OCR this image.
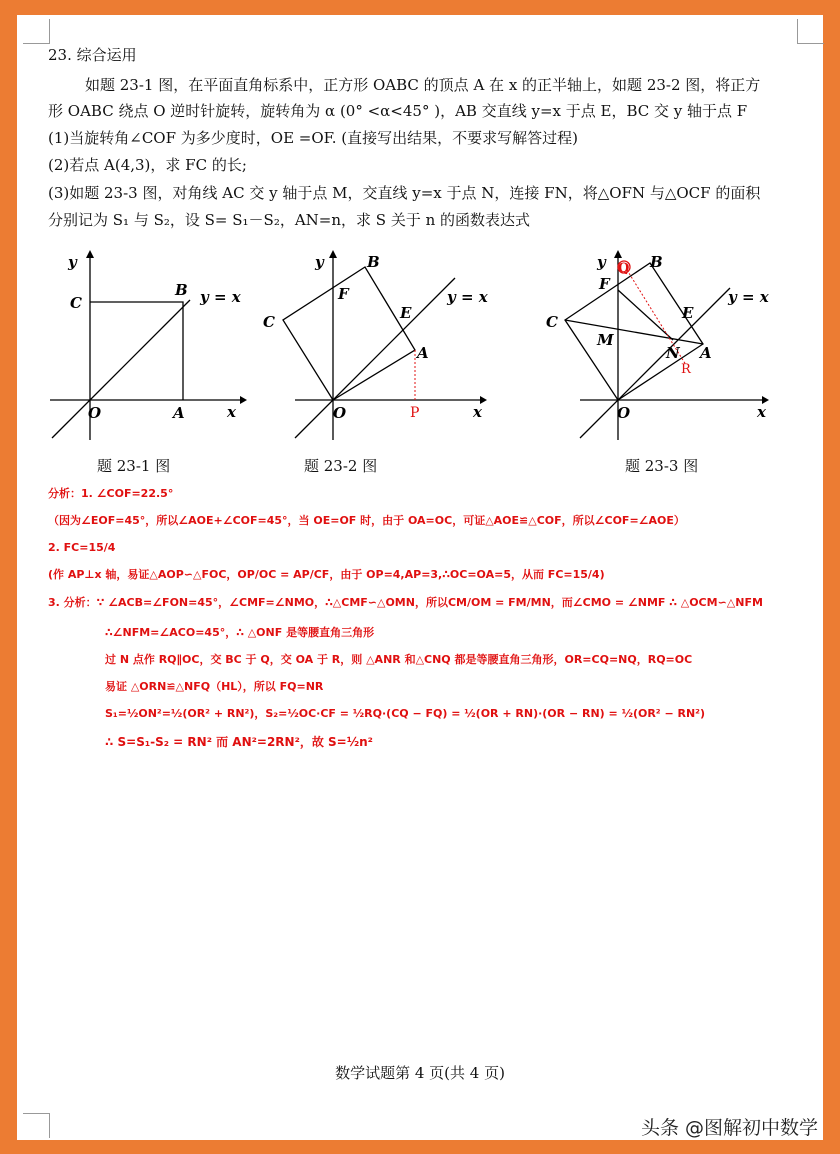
23. 综合运用
如题 23-1 图，在平面直角标系中，正方形 OABC 的顶点 A 在 x 的正半轴上，如题 23-2 图，将正方
形 OABC 绕点 O 逆时针旋转，旋转角为 α (0° <α<45° )，AB 交直线 y=x 于点 E，BC 交 y 轴于点 F
(1)当旋转角∠COF 为多少度时，OE =OF. (直接写出结果，不要求写解答过程)
(2)若点 A(4,3)，求 FC 的长;
(3)如题 23-3 图，对角线 AC 交 y 轴于点 M，交直线 y=x 于点 N，连接 FN，将△OFN 与△OCF 的面积
分别记为 S₁ 与 S₂，设 S= S₁－S₂，AN=n，求 S 关于 n 的函数表达式
y
x
C
B y = x
O	A
y
x
B
F
C	E
A
y = x
O	P
y
x
Q B
F
C
M
E
N A
R
y = x
O
题 23-1 图	题 23-2 图	题 23-3 图
分析：1. ∠COF=22.5°
（因为∠EOF=45°，所以∠AOE+∠COF=45°，当 OE=OF 时，由于 OA=OC，可证△AOE≌△COF，所以∠COF=∠AOE）
2. FC=15/4
(作 AP⊥x 轴，易证△AOP∽△FOC，OP/OC = AP/CF，由于 OP=4,AP=3,∴OC=OA=5，从而 FC=15/4)
3. 分析：∵ ∠ACB=∠FON=45°，∠CMF=∠NMO，∴△CMF∽△OMN，所以CM/OM = FM/MN，而∠CMO = ∠NMF ∴ △OCM∽△NFM
∴∠NFM=∠ACO=45°，∴ △ONF 是等腰直角三角形
过 N 点作 RQ∥OC，交 BC 于 Q，交 OA 于 R，则 △ANR 和△CNQ 都是等腰直角三角形，OR=CQ=NQ，RQ=OC
易证 △ORN≌△NFQ（HL），所以 FQ=NR
S₁=½ON²=½(OR² + RN²)，S₂=½OC·CF = ½RQ·(CQ − FQ) = ½(OR + RN)·(OR − RN) = ½(OR² − RN²)
∴ S=S₁-S₂ = RN² 而 AN²=2RN²，故 S=½n²
数学试题第 4 页(共 4 页)
头条 @图解初中数学
